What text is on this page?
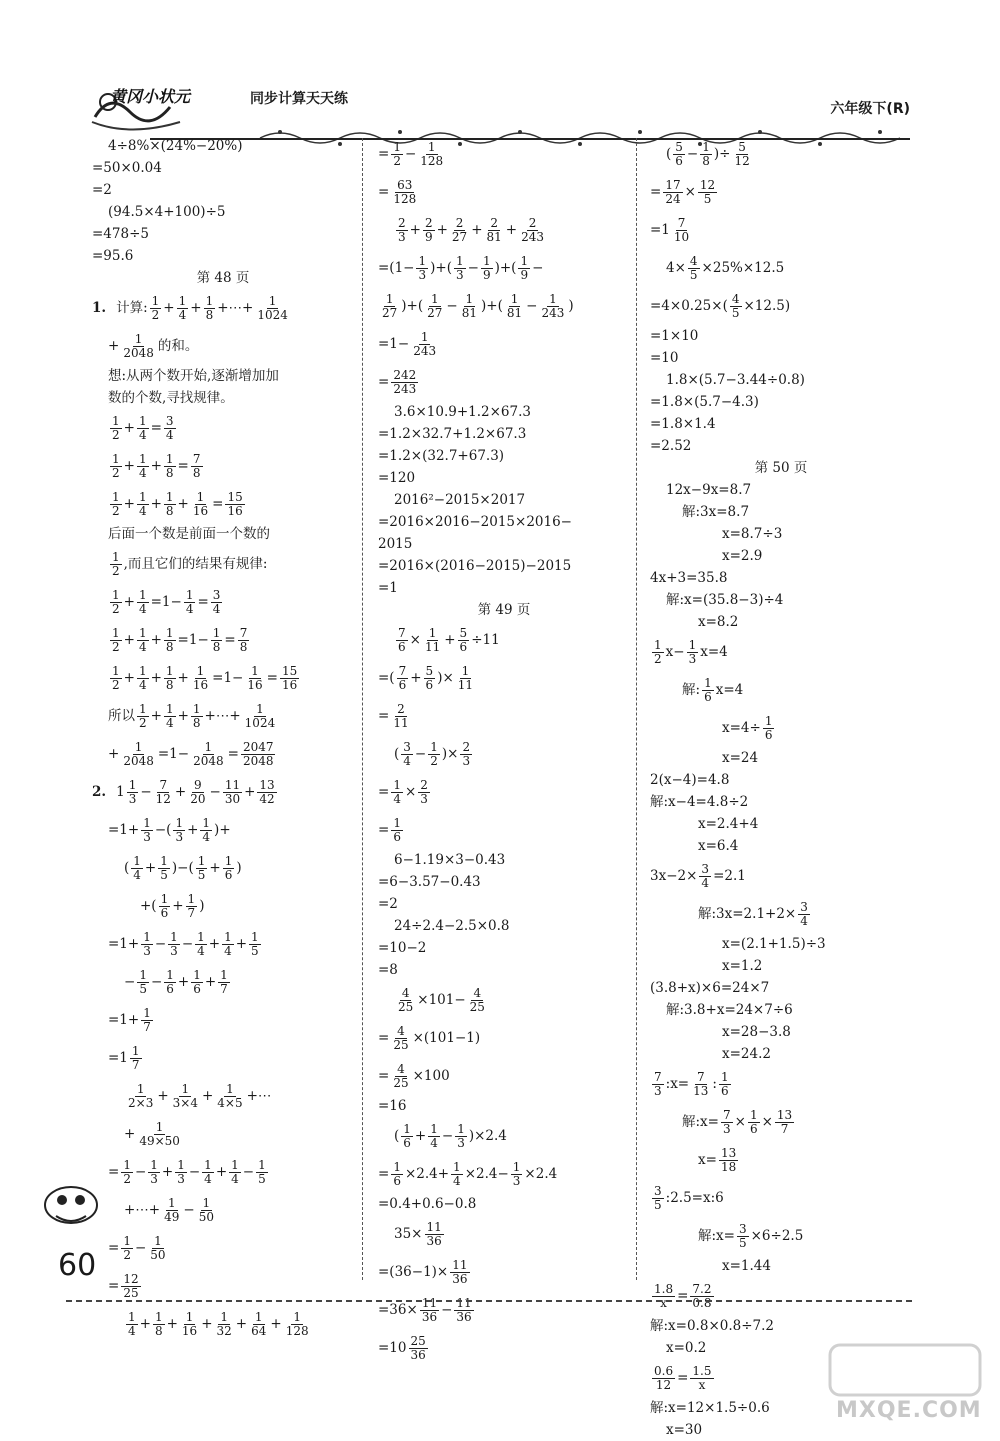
黄冈小状元	同步计算天天练
六年级下(R)
4÷8%×(24%−20%)
=50×0.04
=2
(94.5×4+100)÷5
=478÷5
=95.6
第 48 页
1. 计算: $\frac{1}{2} + \frac{1}{4} + \frac{1}{8}$ +⋯+ $\frac{1}{1024}$
+ $\frac{1}{2048}$ 的和。
想:从两个数开始,逐渐增加加
数的个数,寻找规律。
$\frac{1}{2} + \frac{1}{4} = \frac{3}{4}$
$\frac{1}{2} + \frac{1}{4} + \frac{1}{8} = \frac{7}{8}$
$\frac{1}{2} + \frac{1}{4} + \frac{1}{8} + \frac{1}{16} = \frac{15}{16}$
后面一个数是前面一个数的
$\frac{1}{2}$ ,而且它们的结果有规律:
$\frac{1}{2} + \frac{1}{4} =1- \frac{1}{4} = \frac{3}{4}$
$\frac{1}{2} + \frac{1}{4} + \frac{1}{8} =1- \frac{1}{8} = \frac{7}{8}$
$\frac{1}{2} + \frac{1}{4} + \frac{1}{8} + \frac{1}{16} =1- \frac{1}{16} = \frac{15}{16}$
所以 $\frac{1}{2} + \frac{1}{4} + \frac{1}{8}$ +⋯+ $\frac{1}{1024}$
+ $\frac{1}{2048} =1- \frac{1}{2048} = \frac{2047}{2048}$
2. $1 \frac{1}{3} - \frac{7}{12} + \frac{9}{20} - \frac{11}{30} + \frac{13}{42}$
$=1+ \frac{1}{3}$ −( $\frac{1}{3} + \frac{1}{4}$ )+
( $\frac{1}{4} + \frac{1}{5}$ )−( $\frac{1}{5} + \frac{1}{6}$ )
+( $\frac{1}{6} + \frac{1}{7}$ )
$=1+ \frac{1}{3} - \frac{1}{3} - \frac{1}{4} + \frac{1}{4} + \frac{1}{5}$
− $\frac{1}{5} - \frac{1}{6} + \frac{1}{6} + \frac{1}{7}$
$=1+ \frac{1}{7}$
$=1 \frac{1}{7}$
$\frac{1}{2\times 3} + \frac{1}{3\times 4} + \frac{1}{4\times 5}$ +⋯
+ $\frac{1}{49\times 50}$
= $\frac{1}{2} - \frac{1}{3} + \frac{1}{3} - \frac{1}{4} + \frac{1}{4} - \frac{1}{5}$
+⋯+ $\frac{1}{49} - \frac{1}{50}$
= $\frac{1}{2} - \frac{1}{50}$
= $\frac{12}{25}$
$\frac{1}{4} + \frac{1}{8} + \frac{1}{16} + \frac{1}{32} + \frac{1}{64} + \frac{1}{128}$
= $\frac{1}{2} - \frac{1}{128}$
= $\frac{63}{128}$
$\frac{2}{3} + \frac{2}{9} + \frac{2}{27} + \frac{2}{81} + \frac{2}{243}$
$=(1- \frac{1}{3}$ )+( $\frac{1}{3} - \frac{1}{9}$ )+( $\frac{1}{9}$ −
$\frac{1}{27}$ )+( $\frac{1}{27} - \frac{1}{81}$ )+( $\frac{1}{81} - \frac{1}{243}$ )
$=1- \frac{1}{243}$
= $\frac{242}{243}$
3.6×10.9+1.2×67.3
=1.2×32.7+1.2×67.3
=1.2×(32.7+67.3)
=120
2016²−2015×2017
=2016×2016−2015×2016−
2015
=2016×(2016−2015)−2015
=1
第 49 页
$\frac{7}{6} \times \frac{1}{11} + \frac{5}{6} \div 11$
=( $\frac{7}{6} + \frac{5}{6}$ )× $\frac{1}{11}$
= $\frac{2}{11}$
( $\frac{3}{4} - \frac{1}{2}$ )× $\frac{2}{3}$
= $\frac{1}{4} \times \frac{2}{3}$
= $\frac{1}{6}$
6−1.19×3−0.43
=6−3.57−0.43
=2
24÷2.4−2.5×0.8
=10−2
=8
$\frac{4}{25} \times 101- \frac{4}{25}$
= $\frac{4}{25} \times(101-1)$
= $\frac{4}{25} \times 100$
=16
( $\frac{1}{6} + \frac{1}{4} - \frac{1}{3} )\times 2.4$
= $\frac{1}{6} \times 2.4+ \frac{1}{4} \times 2.4- \frac{1}{3} \times 2.4$
=0.4+0.6−0.8
$35\times \frac{11}{36}$
$=(36-1)\times \frac{11}{36}$
$=36\times \frac{11}{36} - \frac{11}{36}$
$=10 \frac{25}{36}$
( $\frac{5}{6} - \frac{1}{8}$ )÷ $\frac{5}{12}$
= $\frac{17}{24} \times \frac{12}{5}$
$=1 \frac{7}{10}$
$4\times \frac{4}{5} \times 25\%\times 12.5$
$=4\times 0.25\times( \frac{4}{5} \times 12.5)$
=1×10
=10
1.8×(5.7−3.44÷0.8)
=1.8×(5.7−4.3)
=1.8×1.4
=2.52
第 50 页
12x−9x=8.7
解:3x=8.7
x=8.7÷3
x=2.9
4x+3=35.8
解:x=(35.8−3)÷4
x=8.2
$\frac{1}{2} x- \frac{1}{3} x=4$
解: $\frac{1}{6} x=4$
$x=4\div \frac{1}{6}$
x=24
2(x−4)=4.8
解:x−4=4.8÷2
x=2.4+4
x=6.4
$3x-2\times \frac{3}{4} =2.1$
解:3x=2.1+2× $\frac{3}{4}$
x=(2.1+1.5)÷3
x=1.2
(3.8+x)×6=24×7
解:3.8+x=24×7÷6
x=28−3.8
x=24.2
$\frac{7}{3}$ :x= $\frac{7}{13}$ : $\frac{1}{6}$
解:x= $\frac{7}{3} \times \frac{1}{6} \times \frac{13}{7}$
$x= \frac{13}{18}$
$\frac{3}{5}$ :2.5=x:6
解:x= $\frac{3}{5} \times 6\div 2.5$
x=1.44
$\frac{1.8}{x} = \frac{7.2}{0.8}$
解:x=0.8×0.8÷7.2
x=0.2
$\frac{0.6}{12} = \frac{1.5}{x}$
解:x=12×1.5÷0.6
x=30
60
MXQE.COM
